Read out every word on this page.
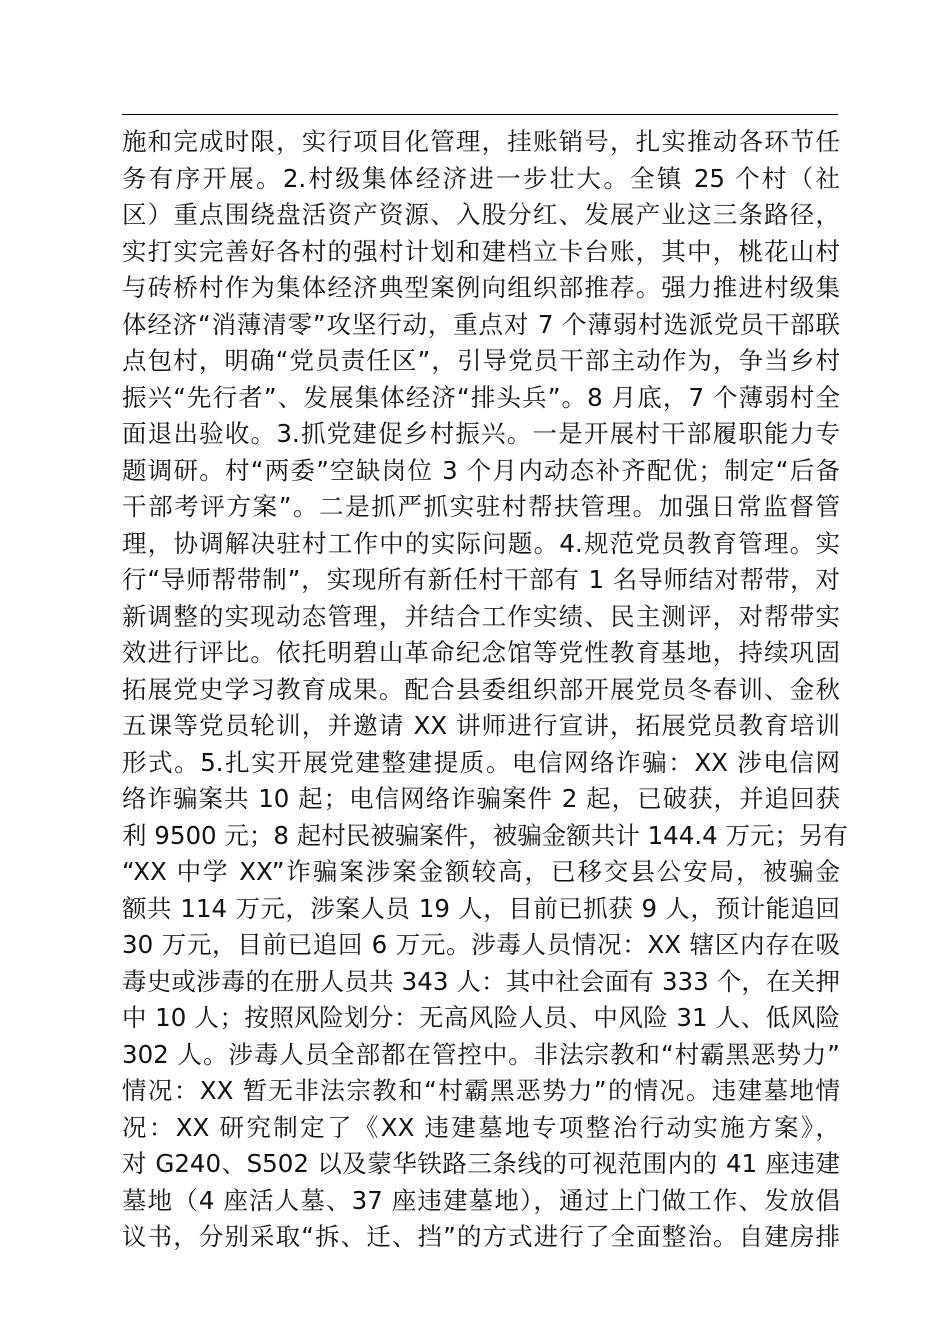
施和完成时限，实行项目化管理，挂账销号，扎实推动各环节任
务有序开展。2.村级集体经济进一步壮大。全镇 25 个村（社
区）重点围绕盘活资产资源、入股分红、发展产业这三条路径，
实打实完善好各村的强村计划和建档立卡台账，其中，桃花山村
与砖桥村作为集体经济典型案例向组织部推荐。强力推进村级集
体经济“消薄清零”攻坚行动，重点对 7 个薄弱村选派党员干部联
点包村，明确“党员责任区”，引导党员干部主动作为，争当乡村
振兴“先行者”、发展集体经济“排头兵”。8 月底，7 个薄弱村全
面退出验收。3.抓党建促乡村振兴。一是开展村干部履职能力专
题调研。村“两委”空缺岗位 3 个月内动态补齐配优；制定“后备
干部考评方案”。二是抓严抓实驻村帮扶管理。加强日常监督管
理，协调解决驻村工作中的实际问题。4.规范党员教育管理。实
行“导师帮带制”，实现所有新任村干部有 1 名导师结对帮带，对
新调整的实现动态管理，并结合工作实绩、民主测评，对帮带实
效进行评比。依托明碧山革命纪念馆等党性教育基地，持续巩固
拓展党史学习教育成果。配合县委组织部开展党员冬春训、金秋
五课等党员轮训，并邀请 XX 讲师进行宣讲，拓展党员教育培训
形式。5.扎实开展党建整建提质。电信网络诈骗：XX 涉电信网
络诈骗案共 10 起；电信网络诈骗案件 2 起，已破获，并追回获
利 9500 元；8 起村民被骗案件，被骗金额共计 144.4 万元；另有
“XX 中学 XX”诈骗案涉案金额较高，已移交县公安局，被骗金
额共 114 万元，涉案人员 19 人，目前已抓获 9 人，预计能追回
30 万元，目前已追回 6 万元。涉毒人员情况：XX 辖区内存在吸
毒史或涉毒的在册人员共 343 人：其中社会面有 333 个，在关押
中 10 人；按照风险划分：无高风险人员、中风险 31 人、低风险
302 人。涉毒人员全部都在管控中。非法宗教和“村霸黑恶势力”
情况：XX 暂无非法宗教和“村霸黑恶势力”的情况。违建墓地情
况：XX 研究制定了《XX 违建墓地专项整治行动实施方案》，
对 G240、S502 以及蒙华铁路三条线的可视范围内的 41 座违建
墓地（4 座活人墓、37 座违建墓地），通过上门做工作、发放倡
议书，分别采取“拆、迁、挡”的方式进行了全面整治。自建房排
